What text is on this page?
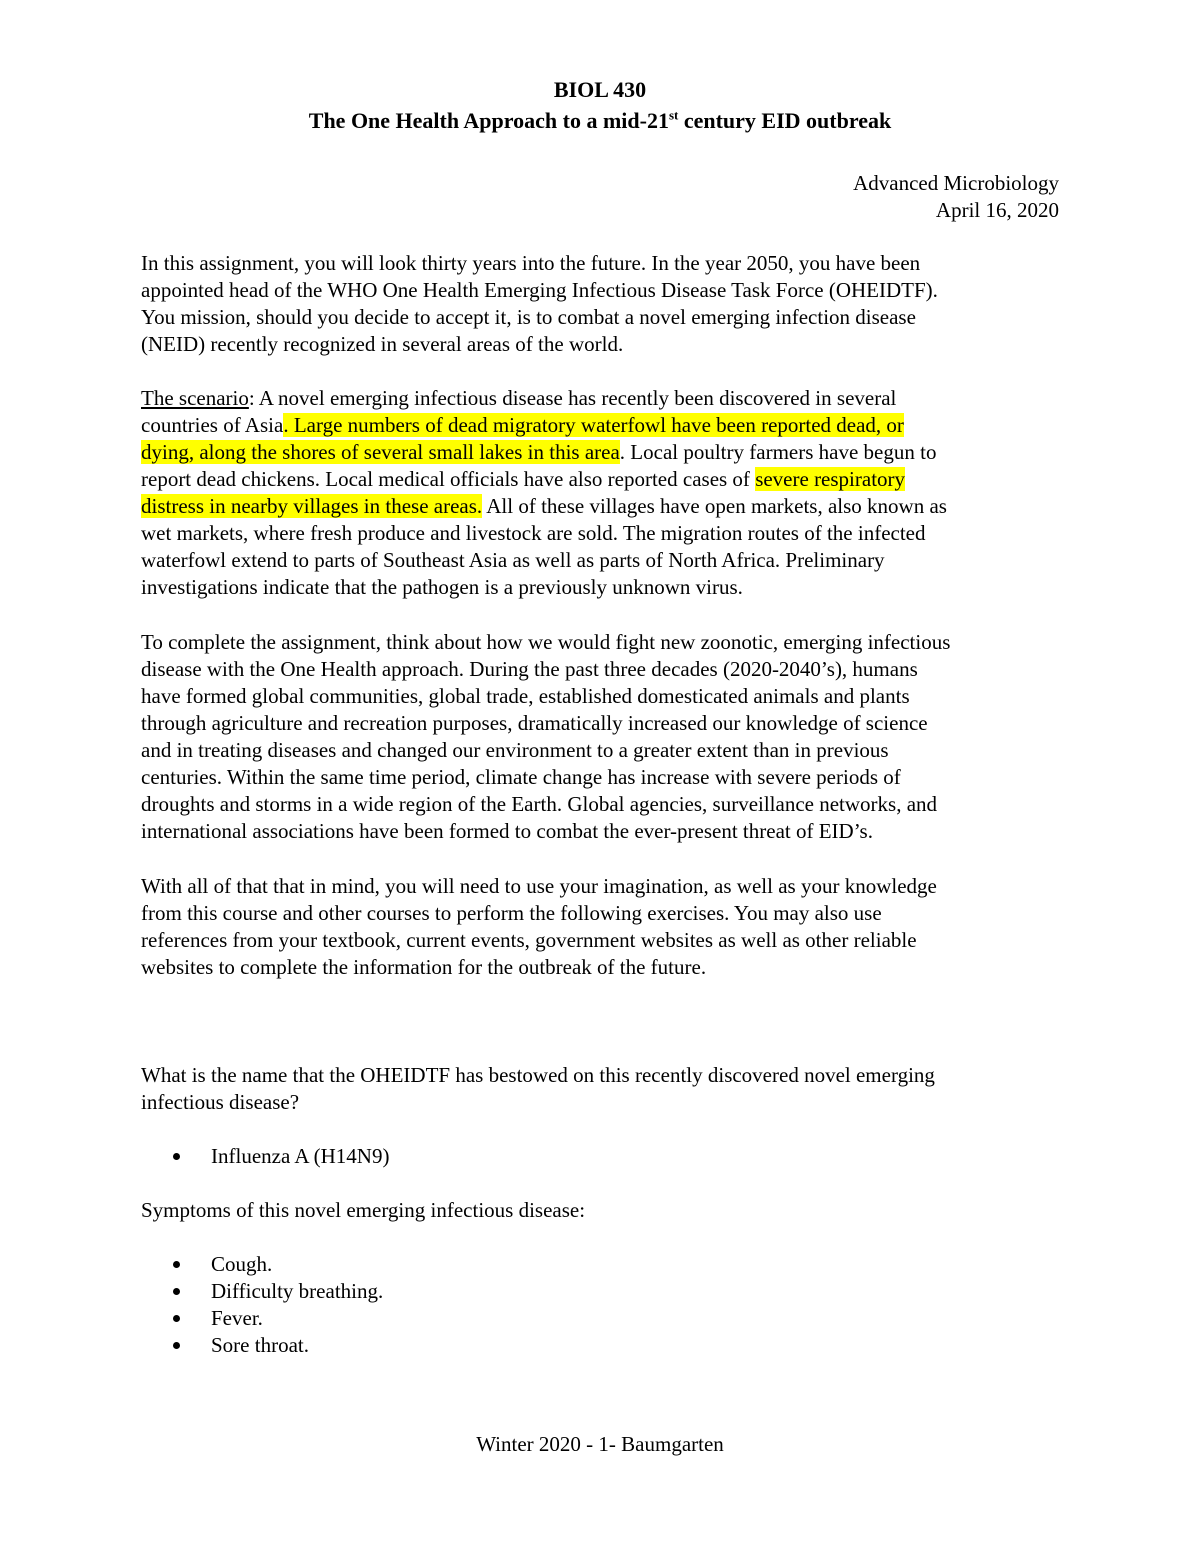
BIOL 430
The One Health Approach to a mid-21st century EID outbreak
Advanced Microbiology
April 16, 2020

In this assignment, you will look thirty years into the future. In the year 2050, you have been
appointed head of the WHO One Health Emerging Infectious Disease Task Force (OHEIDTF).
You mission, should you decide to accept it, is to combat a novel emerging infection disease
(NEID) recently recognized in several areas of the world.

The scenario: A novel emerging infectious disease has recently been discovered in several
countries of Asia. Large numbers of dead migratory waterfowl have been reported dead, or
dying, along the shores of several small lakes in this area. Local poultry farmers have begun to
report dead chickens. Local medical officials have also reported cases of severe respiratory
distress in nearby villages in these areas. All of these villages have open markets, also known as
wet markets, where fresh produce and livestock are sold. The migration routes of the infected
waterfowl extend to parts of Southeast Asia as well as parts of North Africa. Preliminary
investigations indicate that the pathogen is a previously unknown virus.

To complete the assignment, think about how we would fight new zoonotic, emerging infectious
disease with the One Health approach. During the past three decades (2020-2040’s), humans
have formed global communities, global trade, established domesticated animals and plants
through agriculture and recreation purposes, dramatically increased our knowledge of science
and in treating diseases and changed our environment to a greater extent than in previous
centuries. Within the same time period, climate change has increase with severe periods of
droughts and storms in a wide region of the Earth. Global agencies, surveillance networks, and
international associations have been formed to combat the ever-present threat of EID’s.

With all of that that in mind, you will need to use your imagination, as well as your knowledge
from this course and other courses to perform the following exercises. You may also use
references from your textbook, current events, government websites as well as other reliable
websites to complete the information for the outbreak of the future.

What is the name that the OHEIDTF has bestowed on this recently discovered novel emerging
infectious disease?

Influenza A (H14N9)

Symptoms of this novel emerging infectious disease:

Cough.
Difficulty breathing.
Fever.
Sore throat.
Winter 2020 - 1- Baumgarten
